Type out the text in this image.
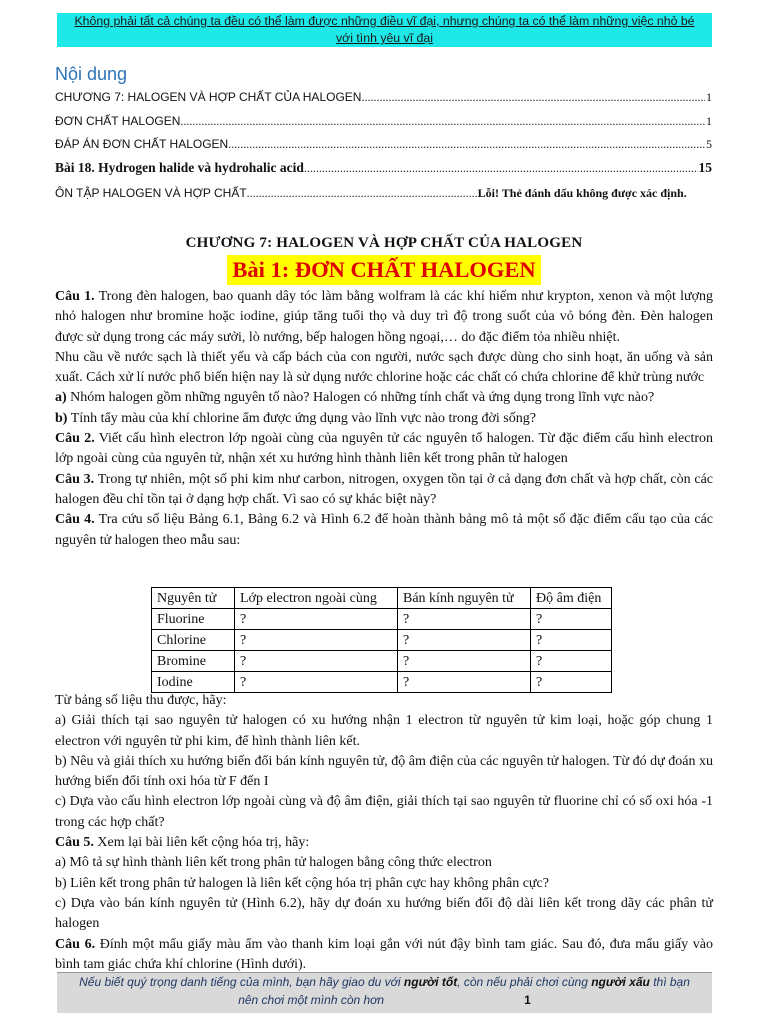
Không phải tất cả chúng ta đều có thể làm được những điều vĩ đại, nhưng chúng ta có thể làm những việc nhỏ bé
với tình yêu vĩ đại
Nội dung
CHƯƠNG 7: HALOGEN VÀ HỢP CHẤT CỦA HALOGEN .....	1
ĐƠN CHẤT HALOGEN .....	1
ĐÁP ÁN ĐƠN CHẤT HALOGEN .....	5
Bài 18. Hydrogen halide và hydrohalic acid .....	15
ÔN TẬP HALOGEN VÀ HỢP CHẤT .....	Lỗi! Thẻ đánh dấu không được xác định.
CHƯƠNG 7: HALOGEN VÀ HỢP CHẤT CỦA HALOGEN
Bài 1: ĐƠN CHẤT HALOGEN

Câu 1. Trong đèn halogen, bao quanh dây tóc làm bằng wolfram là các khí hiếm như krypton, xenon và một lượng nhỏ halogen như bromine hoặc iodine, giúp tăng tuổi thọ và duy trì độ trong suốt của vỏ bóng đèn. Đèn halogen được sử dụng trong các máy sưởi, lò nướng, bếp halogen hồng ngoại,… do đặc điểm tỏa nhiều nhiệt.

Nhu cầu về nước sạch là thiết yếu và cấp bách của con người, nước sạch được dùng cho sinh hoạt, ăn uống và sản xuất. Cách xử lí nước phổ biến hiện nay là sử dụng nước chlorine hoặc các chất có chứa chlorine để khử trùng nước

a) Nhóm halogen gồm những nguyên tố nào? Halogen có những tính chất và ứng dụng trong lĩnh vực nào?

b) Tính tẩy màu của khí chlorine ẩm được ứng dụng vào lĩnh vực nào trong đời sống?

Câu 2. Viết cấu hình electron lớp ngoài cùng của nguyên tử các nguyên tố halogen. Từ đặc điểm cấu hình electron lớp ngoài cùng của nguyên tử, nhận xét xu hướng hình thành liên kết trong phân tử halogen

Câu 3. Trong tự nhiên, một số phi kim như carbon, nitrogen, oxygen tồn tại ở cả dạng đơn chất và hợp chất, còn các halogen đều chỉ tồn tại ở dạng hợp chất. Vì sao có sự khác biệt này?

Câu 4. Tra cứu số liệu Bảng 6.1, Bảng 6.2 và Hình 6.2 để hoàn thành bảng mô tả một số đặc điểm cấu tạo của các nguyên tử halogen theo mẫu sau:

Nguyên tử	Lớp electron ngoài cùng	Bán kính nguyên tử	Độ âm điện
Fluorine	?	?	?
Chlorine	?	?	?
Bromine	?	?	?
Iodine	?	?	?

Từ bảng số liệu thu được, hãy:

a) Giải thích tại sao nguyên tử halogen có xu hướng nhận 1 electron từ nguyên tử kim loại, hoặc góp chung 1 electron với nguyên tử phi kim, để hình thành liên kết.

b) Nêu và giải thích xu hướng biến đổi bán kính nguyên tử, độ âm điện của các nguyên tử halogen. Từ đó dự đoán xu hướng biến đổi tính oxi hóa từ F đến I

c) Dựa vào cấu hình electron lớp ngoài cùng và độ âm điện, giải thích tại sao nguyên tử fluorine chỉ có số oxi hóa -1 trong các hợp chất?

Câu 5. Xem lại bài liên kết cộng hóa trị, hãy:

a) Mô tả sự hình thành liên kết trong phân tử halogen bằng công thức electron

b) Liên kết trong phân tử halogen là liên kết cộng hóa trị phân cực hay không phân cực?

c) Dựa vào bán kính nguyên tử (Hình 6.2), hãy dự đoán xu hướng biến đổi độ dài liên kết trong dãy các phân tử halogen

Câu 6. Đính một mẩu giấy màu ẩm vào thanh kim loại gắn với nút đậy bình tam giác. Sau đó, đưa mẩu giấy vào bình tam giác chứa khí chlorine (Hình dưới).

Nếu biết quý trọng danh tiếng của mình, bạn hãy giao du với người tốt, còn nếu phải chơi cùng người xấu thì bạn
nên chơi một mình còn hơn	1
